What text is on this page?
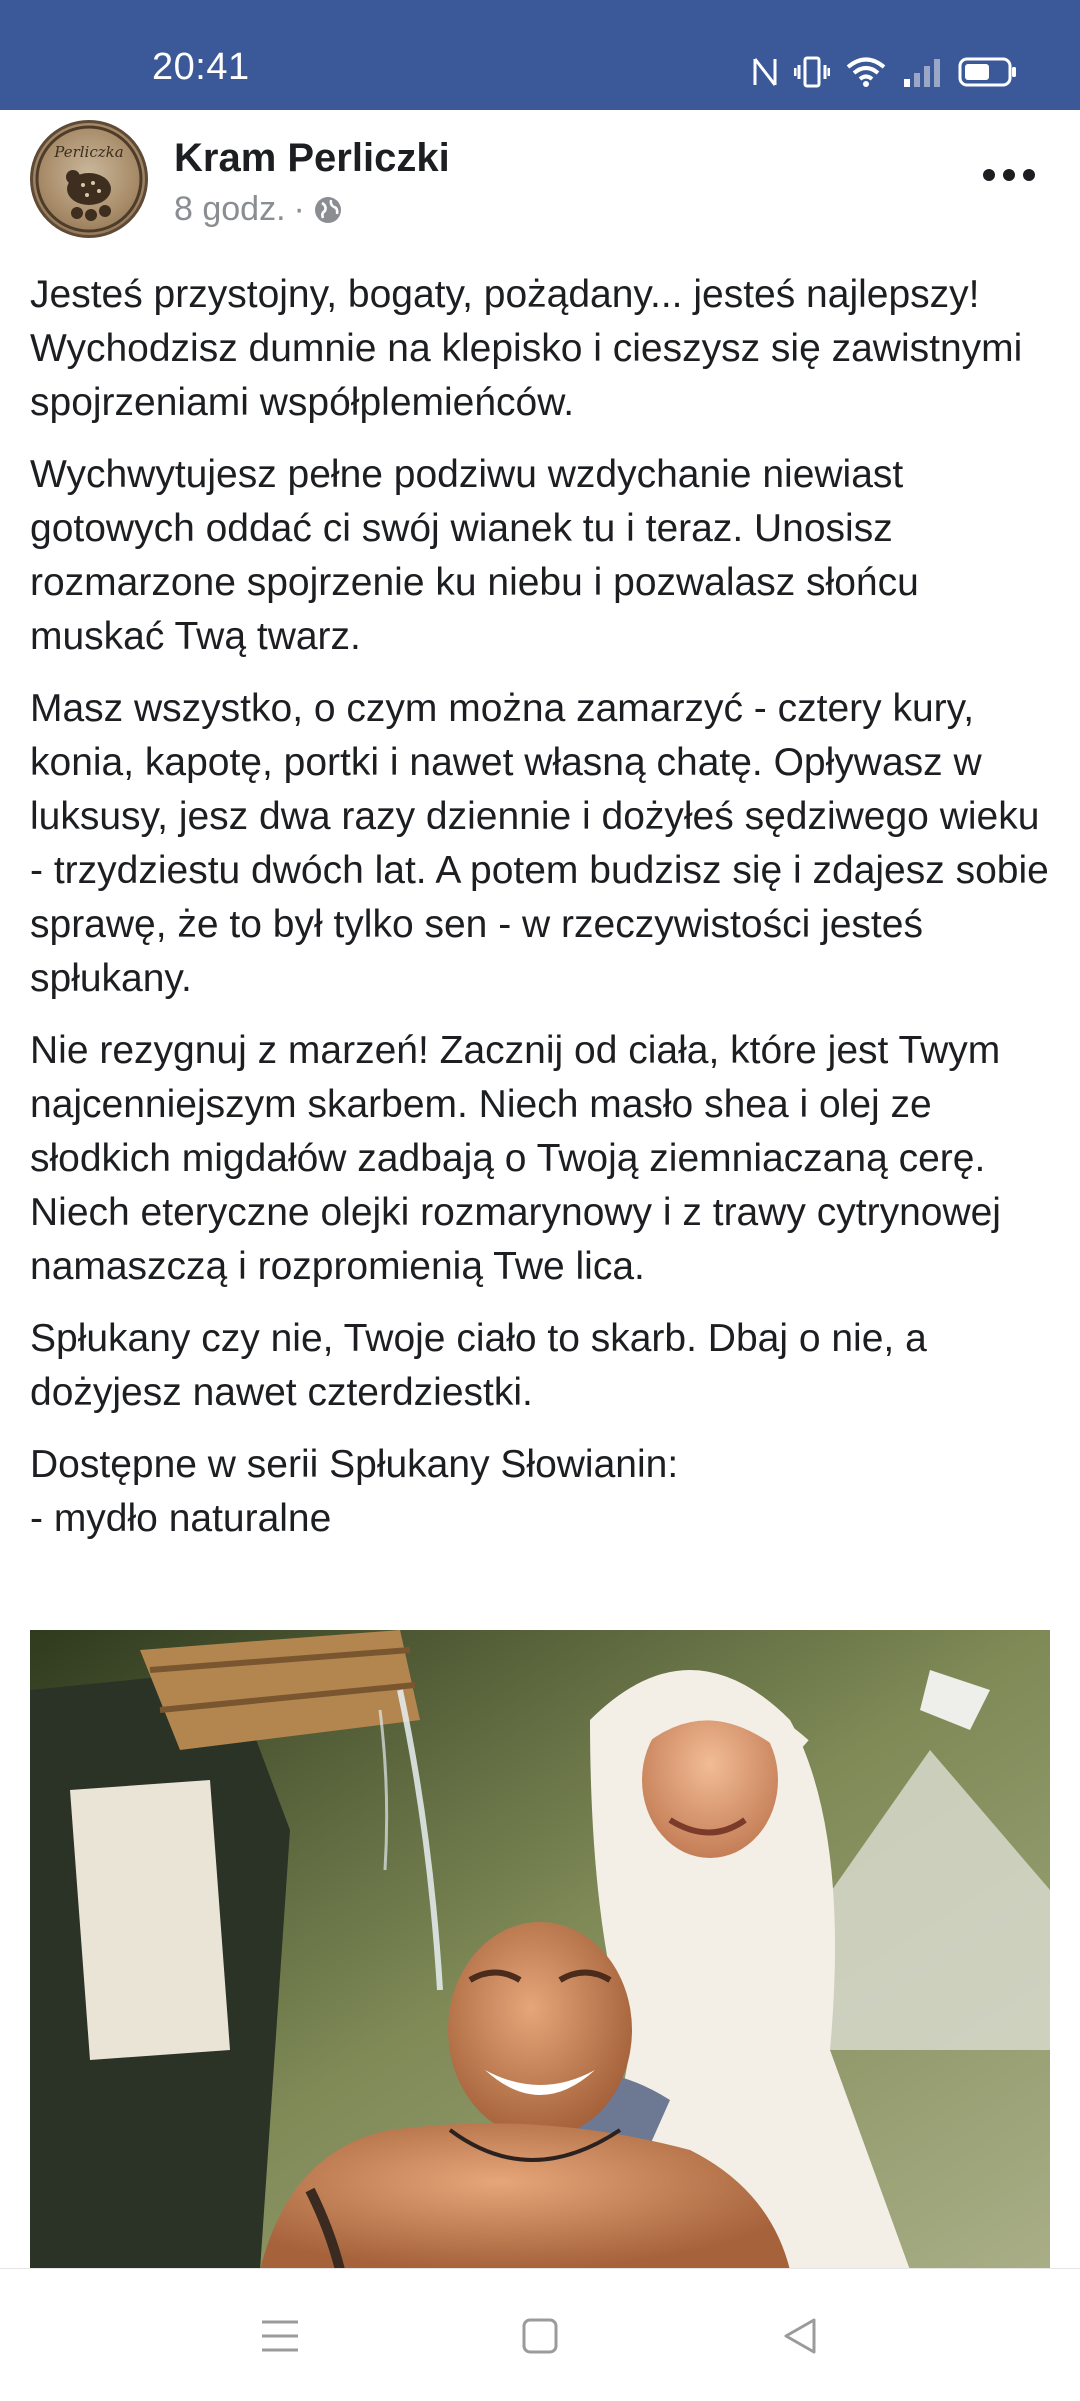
20:41
Perliczka Kram Perliczki
8 godz. ·

Jesteś przystojny, bogaty, pożądany... jesteś najlepszy! Wychodzisz dumnie na klepisko i cieszysz się zawistnymi spojrzeniami współplemieńców.

Wychwytujesz pełne podziwu wzdychanie niewiast gotowych oddać ci swój wianek tu i teraz. Unosisz rozmarzone spojrzenie ku niebu i pozwalasz słońcu muskać Twą twarz.

Masz wszystko, o czym można zamarzyć - cztery kury, konia, kapotę, portki i nawet własną chatę. Opływasz w luksusy, jesz dwa razy dziennie i dożyłeś sędziwego wieku - trzydziestu dwóch lat. A potem budzisz się i zdajesz sobie sprawę, że to był tylko sen - w rzeczywistości jesteś spłukany.

Nie rezygnuj z marzeń! Zacznij od ciała, które jest Twym najcenniejszym skarbem. Niech masło shea i olej ze słodkich migdałów zadbają o Twoją ziemniaczaną cerę. Niech eteryczne olejki rozmarynowy i z trawy cytrynowej namaszczą i rozpromienią Twe lica.

Spłukany czy nie, Twoje ciało to skarb. Dbaj o nie, a dożyjesz nawet czterdziestki.

Dostępne w serii Spłukany Słowianin:
- mydło naturalne
